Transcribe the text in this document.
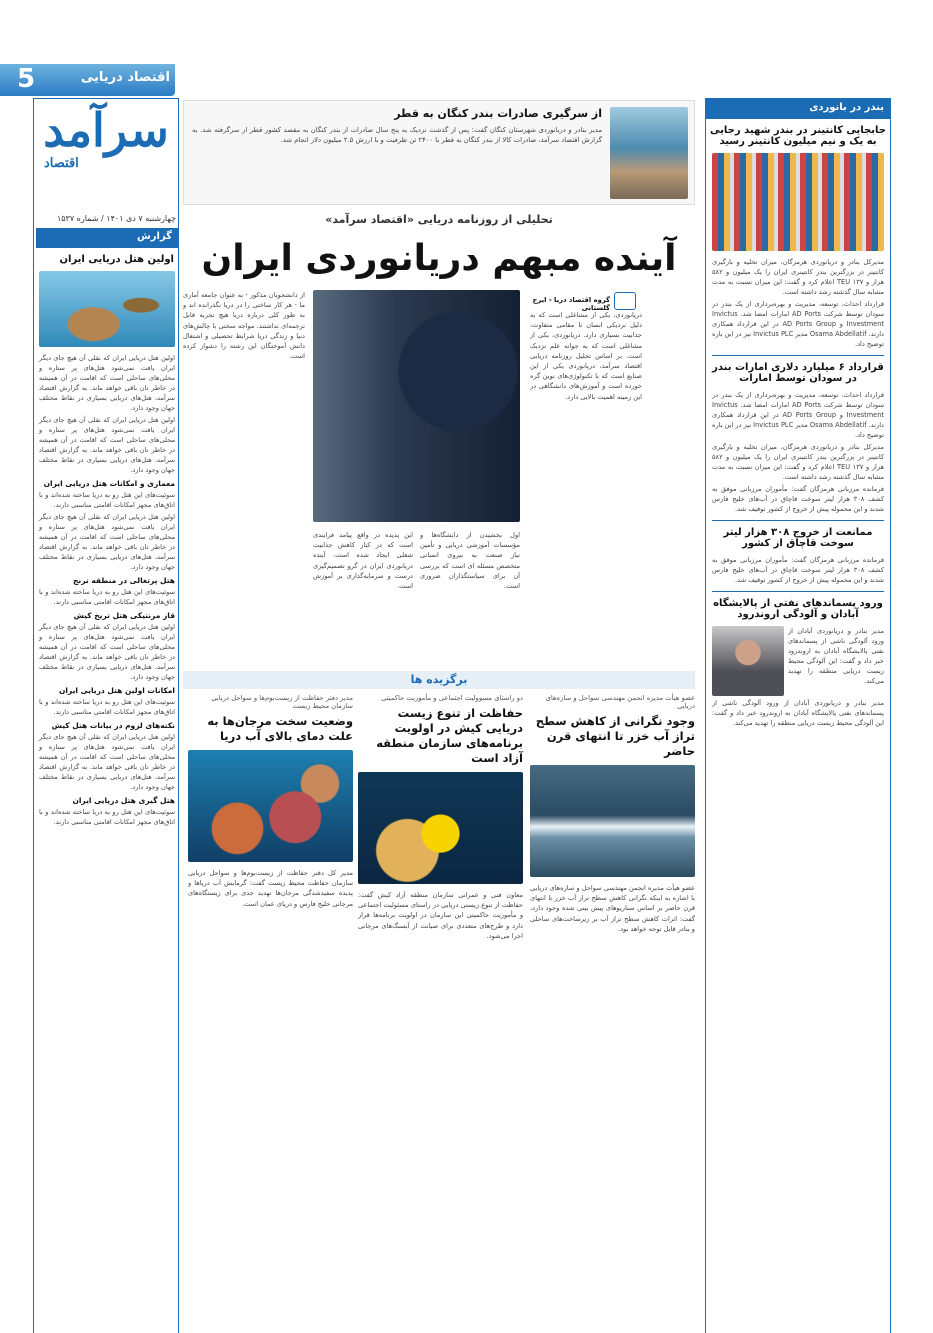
5	اقتصاد دریایی
سرآمد
اقتصاد
چهارشنبه ۷ دی ۱۴۰۱ / شماره ۱۵۳۷
گزارش
اولین هتل دریایی ایران
اولین هتل دریایی ایران که نقلی آن هیچ جای دیگر ایران یافت نمی‌شود هتل‌های پر ستاره و محلی‌های ساحلی است که اقامت در آن همیشه در خاطر تان باقی خواهد ماند. به گزارش اقتصاد سرآمد، هتل‌های دریایی بسیاری در نقاط مختلف جهان وجود دارد.
اولین هتل دریایی ایران که نقلی آن هیچ جای دیگر ایران یافت نمی‌شود هتل‌های پر ستاره و محلی‌های ساحلی است که اقامت در آن همیشه در خاطر تان باقی خواهد ماند. به گزارش اقتصاد سرآمد، هتل‌های دریایی بسیاری در نقاط مختلف جهان وجود دارد.
معماری و امکانات هتل دریایی ایران
سوئیت‌های این هتل رو به دریا ساخته شده‌اند و با اتاق‌های مجهز امکانات اقامتی مناسبی دارند.
اولین هتل دریایی ایران که نقلی آن هیچ جای دیگر ایران یافت نمی‌شود هتل‌های پر ستاره و محلی‌های ساحلی است که اقامت در آن همیشه در خاطر تان باقی خواهد ماند. به گزارش اقتصاد سرآمد، هتل‌های دریایی بسیاری در نقاط مختلف جهان وجود دارد.
هتل پرتغالی در منطقه ترنج
سوئیت‌های این هتل رو به دریا ساخته شده‌اند و با اتاق‌های مجهز امکانات اقامتی مناسبی دارند.
قاز مرنتیکی هتل تریخ کیش
اولین هتل دریایی ایران که نقلی آن هیچ جای دیگر ایران یافت نمی‌شود هتل‌های پر ستاره و محلی‌های ساحلی است که اقامت در آن همیشه در خاطر تان باقی خواهد ماند. به گزارش اقتصاد سرآمد، هتل‌های دریایی بسیاری در نقاط مختلف جهان وجود دارد.
امکانات اولین هتل دریایی ایران
سوئیت‌های این هتل رو به دریا ساخته شده‌اند و با اتاق‌های مجهز امکانات اقامتی مناسبی دارند.
نکته‌های لزوم در بیانات هتل کیش
اولین هتل دریایی ایران که نقلی آن هیچ جای دیگر ایران یافت نمی‌شود هتل‌های پر ستاره و محلی‌های ساحلی است که اقامت در آن همیشه در خاطر تان باقی خواهد ماند. به گزارش اقتصاد سرآمد، هتل‌های دریایی بسیاری در نقاط مختلف جهان وجود دارد.
هتل گیری هتل دریایی ایران
سوئیت‌های این هتل رو به دریا ساخته شده‌اند و با اتاق‌های مجهز امکانات اقامتی مناسبی دارند.
از سرگیری صادرات بندر کنگان به قطر
مدیر بنادر و دریانوردی شهرستان کنگان گفت: پس از گذشت نزدیک به پنج سال صادرات از بندر کنگان به مقصد کشور قطر از سرگرفته شد. به گزارش اقتصاد سرآمد، صادرات کالا از بندر کنگان به قطر با ۲۴۰۰ تن ظرفیت و با ارزش ۲.۵ میلیون دلار انجام شد.
تحلیلی از روزنامه دریایی «اقتصاد سرآمد»
آینده مبهم دریانوردی ایران
گروه اقتصاد دریا - ایرج گلستانی
دریانوردی، یکی از مشاغلی است که به دلیل نزدیکی انسان تا مقامی متفاوت، جذابیت بسیاری دارد. دریانوردی، یکی از مشاغلی است که به جوانه علم نزدیک است. بر اساس تحلیل روزنامه دریایی اقتصاد سرآمد، دریانوردی یکی از این صنایع است که با تکنولوژی‌های نوین گره خورده است و آموزش‌های دانشگاهی در این زمینه اهمیت بالایی دارد.
از دانشجویان مذکور - به عنوان جامعه آماری ما - هر کار ساختی را در دریا نگذرانده اند و به طور کلی درباره دریا هیچ تجربه قابل ترجمه‌ای نداشتند. مواجه سختی با چالش‌های دنیا و زندگی دریا شرایط تحصیلی و اشتغال دانش آموختگان این رشته را دشوار کرده است.
این پدیده در واقع پیامد فرایندی است که در کنار کاهش جذابیت شغلی ایجاد شده است. آینده دریانوردی ایران در گرو تصمیم‌گیری درست و سرمایه‌گذاری بر آموزش است.
اول بخشیدن از دانشگاه‌ها و مؤسسات آموزشی دریایی و تأمین نیاز صنعت به نیروی انسانی متخصص مسئله ای است که بررسی آن برای سیاستگذاران ضروری است.
برگزیده ها
عضو هیأت مدیره انجمن مهندسی سواحل و سازه‌های دریایی
وجود نگرانی از کاهش سطح تراز آب خزر تا انتهای قرن حاضر
عضو هیأت مدیره انجمن مهندسی سواحل و سازه‌های دریایی با اشاره به اینکه نگرانی کاهش سطح تراز آب خزر تا انتهای قرن حاضر بر اساس سناریوهای پیش بینی شده وجود دارد، گفت: اثرات کاهش سطح تراز آب بر زیرساخت‌های ساحلی و بنادر قابل توجه خواهد بود.
دو راستای مسوولیت اجتماعی و مأموریت حاکمیتی
حفاظت از تنوع زیست دریایی کیش در اولویت برنامه‌های سازمان منطقه آزاد است
معاون فنی و عمرانی سازمان منطقه آزاد کیش گفت: حفاظت از تنوع زیستی دریایی در راستای مسئولیت اجتماعی و مأموریت حاکمیتی این سازمان در اولویت برنامه‌ها قرار دارد و طرح‌های متعددی برای صیانت از آبسنگ‌های مرجانی اجرا می‌شود.
مدیر دفتر حفاظت از زیست‌بوم‌ها و سواحل دریایی سازمان محیط زیست
وضعیت سخت مرجان‌ها به علت دمای بالای آب دریا
مدیر کل دفتر حفاظت از زیست‌بوم‌ها و سواحل دریایی سازمان حفاظت محیط زیست گفت: گرمایش آب دریاها و پدیده سفیدشدگی مرجان‌ها تهدید جدی برای زیستگاه‌های مرجانی خلیج فارس و دریای عمان است.
بندر در بانوردی
جابجایی کانتینر در بندر شهید رجایی به یک و نیم میلیون کانتینر رسید
مدیرکل بنادر و دریانوردی هرمزگان، میزان تخلیه و بارگیری کانتینر در بزرگترین بندر کانتینری ایران را یک میلیون و ۵۸۲ هزار و ۱۳۷ TEU اعلام کرد و گفت: این میزان نسبت به مدت مشابه سال گذشته رشد داشته است.
قرارداد احداث، توسعه، مدیریت و بهره‌برداری از یک بندر در سودان توسط شرکت AD Ports امارات امضا شد. Invictus Investment و AD Ports Group در این قرارداد همکاری دارند. Osama Abdellatif مدیر Invictus PLC نیز در این باره توضیح داد.
قرارداد ۶ میلیارد دلاری امارات بندر در سودان توسط امارات
قرارداد احداث، توسعه، مدیریت و بهره‌برداری از یک بندر در سودان توسط شرکت AD Ports امارات امضا شد. Invictus Investment و AD Ports Group در این قرارداد همکاری دارند. Osama Abdellatif مدیر Invictus PLC نیز در این باره توضیح داد.
مدیرکل بنادر و دریانوردی هرمزگان، میزان تخلیه و بارگیری کانتینر در بزرگترین بندر کانتینری ایران را یک میلیون و ۵۸۲ هزار و ۱۳۷ TEU اعلام کرد و گفت: این میزان نسبت به مدت مشابه سال گذشته رشد داشته است.
فرمانده مرزبانی هرمزگان گفت: مأموران مرزبانی موفق به کشف ۳۰۸ هزار لیتر سوخت قاچاق در آب‌های خلیج فارس شدند و این محموله پیش از خروج از کشور توقیف شد.
ممانعت از خروج ۳۰۸ هزار لیتر سوخت قاچاق از کشور
فرمانده مرزبانی هرمزگان گفت: مأموران مرزبانی موفق به کشف ۳۰۸ هزار لیتر سوخت قاچاق در آب‌های خلیج فارس شدند و این محموله پیش از خروج از کشور توقیف شد.
ورود پسماندهای نفتی از پالایشگاه آبادان و آلودگی اروندرود
مدیر بنادر و دریانوردی آبادان از ورود آلودگی ناشی از پسماندهای نفتی پالایشگاه آبادان به اروندرود خبر داد و گفت: این آلودگی محیط زیست دریایی منطقه را تهدید می‌کند.
مدیر بنادر و دریانوردی آبادان از ورود آلودگی ناشی از پسماندهای نفتی پالایشگاه آبادان به اروندرود خبر داد و گفت: این آلودگی محیط زیست دریایی منطقه را تهدید می‌کند.
